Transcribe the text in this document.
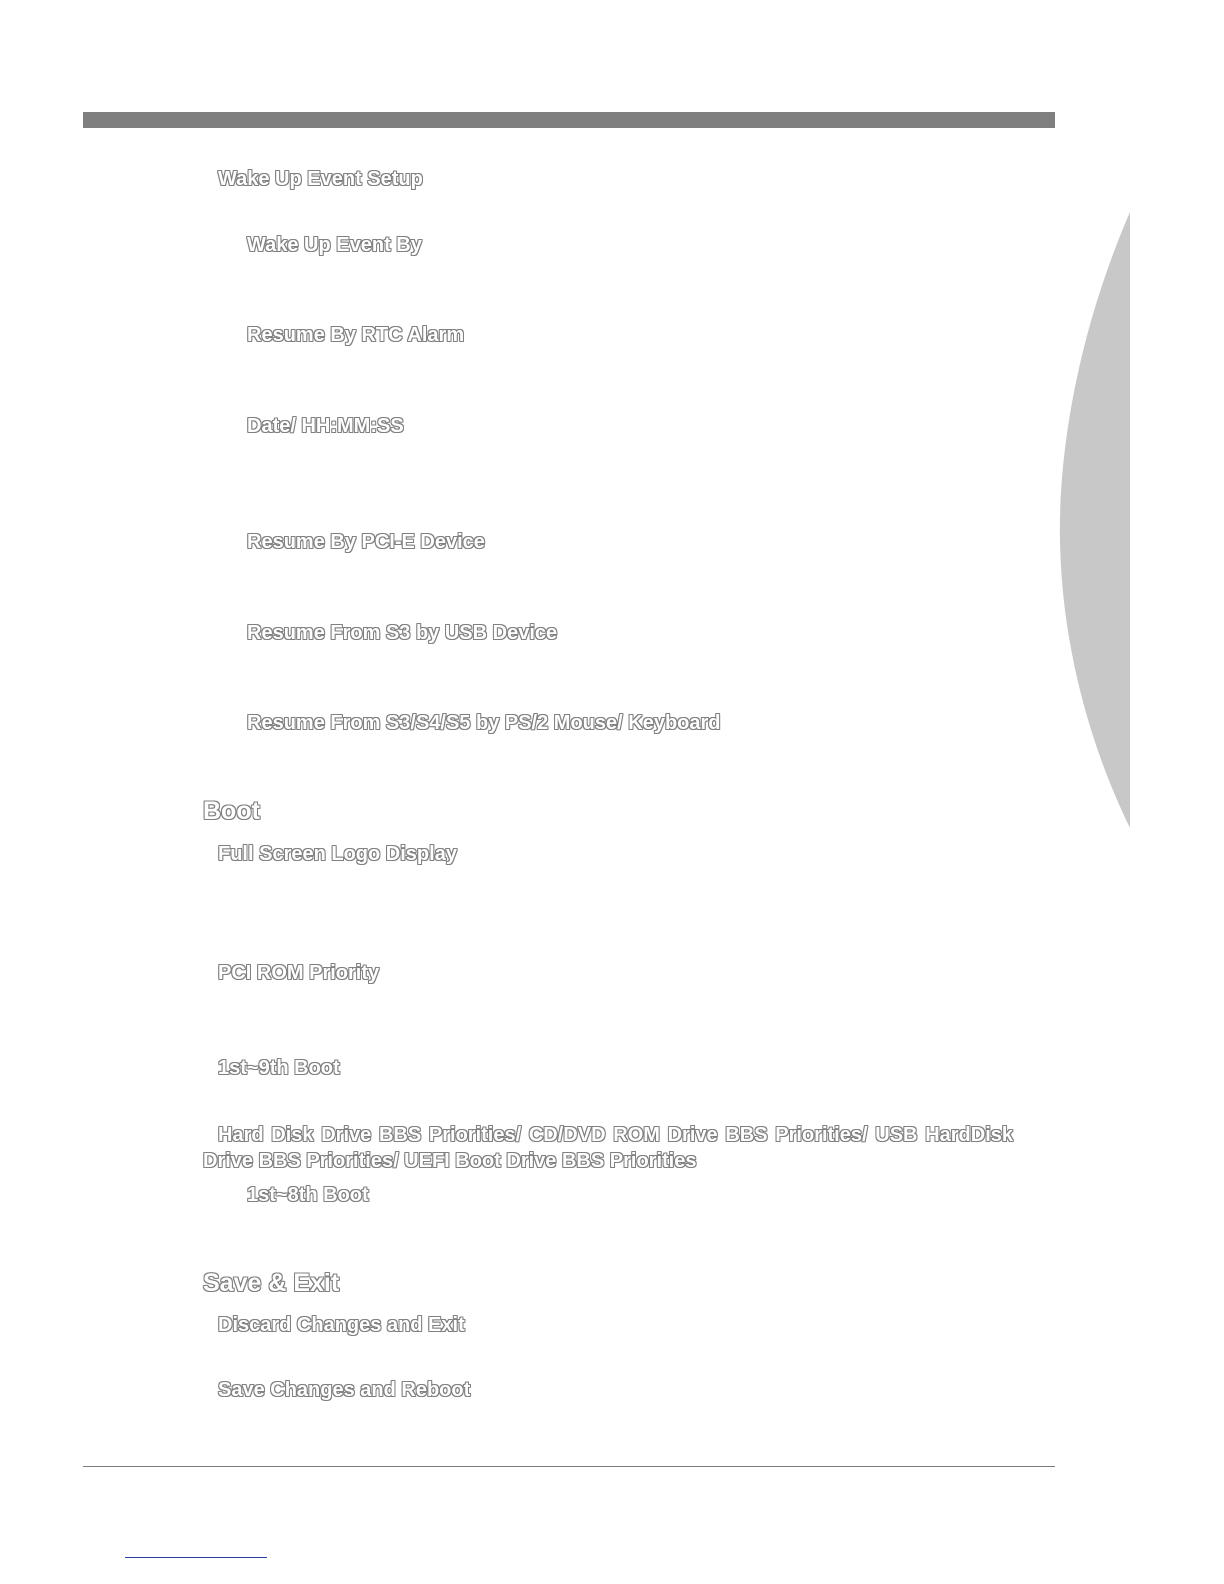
Wake Up Event Setup
Wake Up Event By
Resume By RTC Alarm
Date/ HH:MM:SS
Resume By PCI-E Device
Resume From S3 by USB Device
Resume From S3/S4/S5 by PS/2 Mouse/ Keyboard
Boot
Full Screen Logo Display
PCI ROM Priority
1st~9th Boot
Hard Disk Drive BBS Priorities/ CD/DVD ROM Drive BBS Priorities/ USB HardDisk Drive BBS Priorities/ UEFI Boot Drive BBS Priorities
1st~8th Boot
Save & Exit
Discard Changes and Exit
Save Changes and Reboot
